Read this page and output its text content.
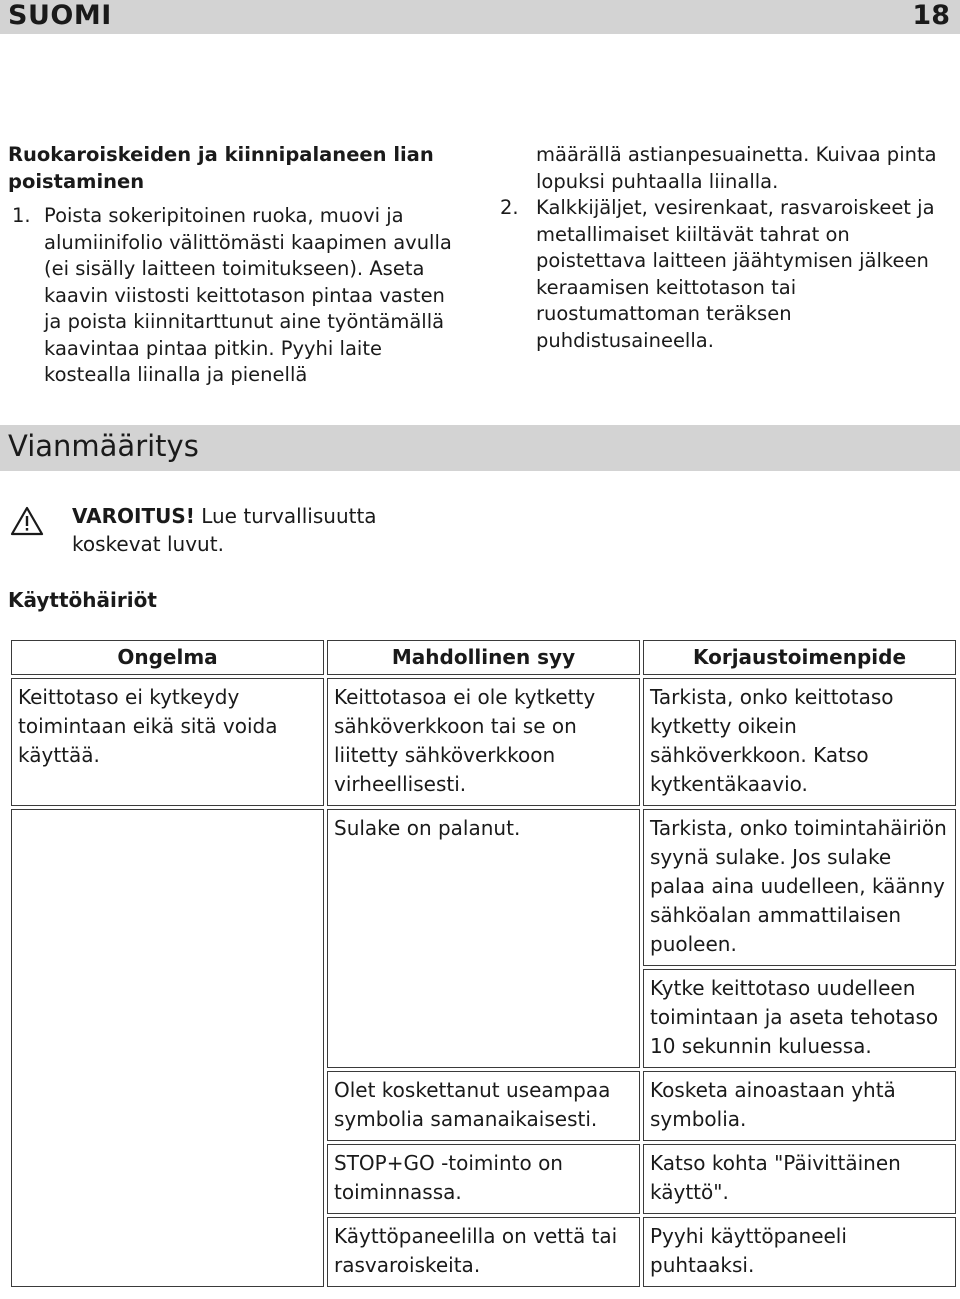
SUOMI	18
Ruokaroiskeiden ja kiinnipalaneen lian poistaminen
1. Poista sokeripitoinen ruoka, muovi ja alumiinifolio välittömästi kaapimen avulla (ei sisälly laitteen toimitukseen). Aseta kaavin viistosti keittotason pintaa vasten ja poista kiinnitarttunut aine työntämällä kaavintaa pintaa pitkin. Pyyhi laite kostealla liinalla ja pienellä
määrällä astianpesuainetta. Kuivaa pinta lopuksi puhtaalla liinalla.
2. Kalkkijäljet, vesirenkaat, rasvaroiskeet ja metallimaiset kiiltävät tahrat on poistettava laitteen jäähtymisen jälkeen keraamisen keittotason tai ruostumattoman teräksen puhdistusaineella.
Vianmääritys
VAROITUS! Lue turvallisuutta koskevat luvut.
Käyttöhäiriöt
Ongelma	Mahdollinen syy	Korjaustoimenpide
Keittotaso ei kytkeydy toimintaan eikä sitä voida käyttää.	Keittotasoa ei ole kytketty sähköverkkoon tai se on liitetty sähköverkkoon virheellisesti.	Tarkista, onko keittotaso kytketty oikein sähköverkkoon. Katso kytkentäkaavio.
	Sulake on palanut.	Tarkista, onko toimintahäiriön syynä sulake. Jos sulake palaa aina uudelleen, käänny sähköalan ammattilaisen puoleen.
		Kytke keittotaso uudelleen toimintaan ja aseta tehotaso 10 sekunnin kuluessa.
	Olet koskettanut useampaa symbolia samanaikaisesti.	Kosketa ainoastaan yhtä symbolia.
	STOP+GO -toiminto on toiminnassa.	Katso kohta "Päivittäinen käyttö".
	Käyttöpaneelilla on vettä tai rasvaroiskeita.	Pyyhi käyttöpaneeli puhtaaksi.
